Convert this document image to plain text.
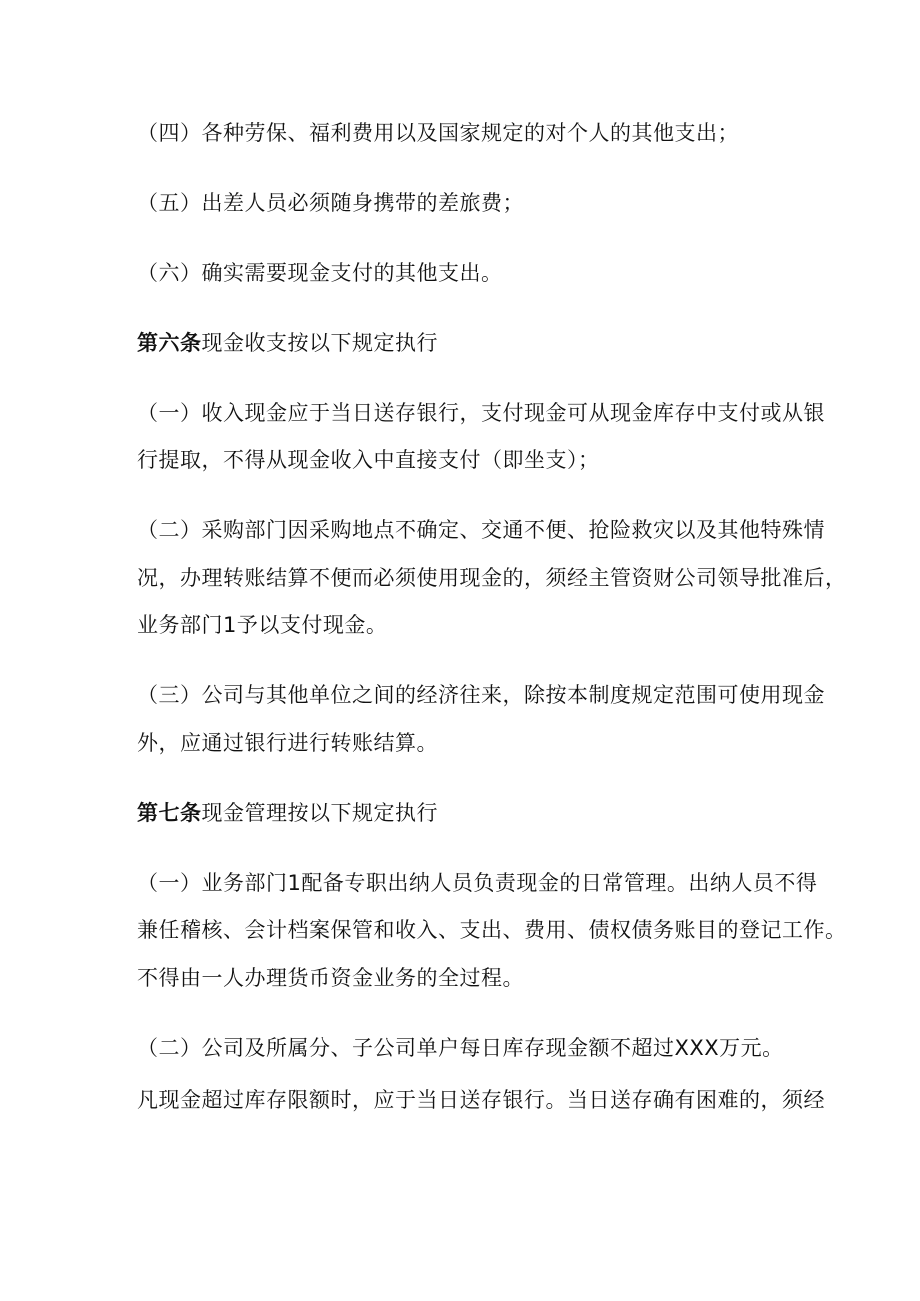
（四）各种劳保、福利费用以及国家规定的对个人的其他支出；

（五）出差人员必须随身携带的差旅费；

（六）确实需要现金支付的其他支出。

第六条现金收支按以下规定执行

（一）收入现金应于当日送存银行，支付现金可从现金库存中支付或从银

行提取，不得从现金收入中直接支付（即坐支）；

（二）采购部门因采购地点不确定、交通不便、抢险救灾以及其他特殊情

况，办理转账结算不便而必须使用现金的，须经主管资财公司领导批准后，

业务部门1予以支付现金。

（三）公司与其他单位之间的经济往来，除按本制度规定范围可使用现金

外，应通过银行进行转账结算。

第七条现金管理按以下规定执行

（一）业务部门1配备专职出纳人员负责现金的日常管理。出纳人员不得

兼任稽核、会计档案保管和收入、支出、费用、债权债务账目的登记工作。

不得由一人办理货币资金业务的全过程。

（二）公司及所属分、子公司单户每日库存现金额不超过XXX万元。

凡现金超过库存限额时，应于当日送存银行。当日送存确有困难的，须经
